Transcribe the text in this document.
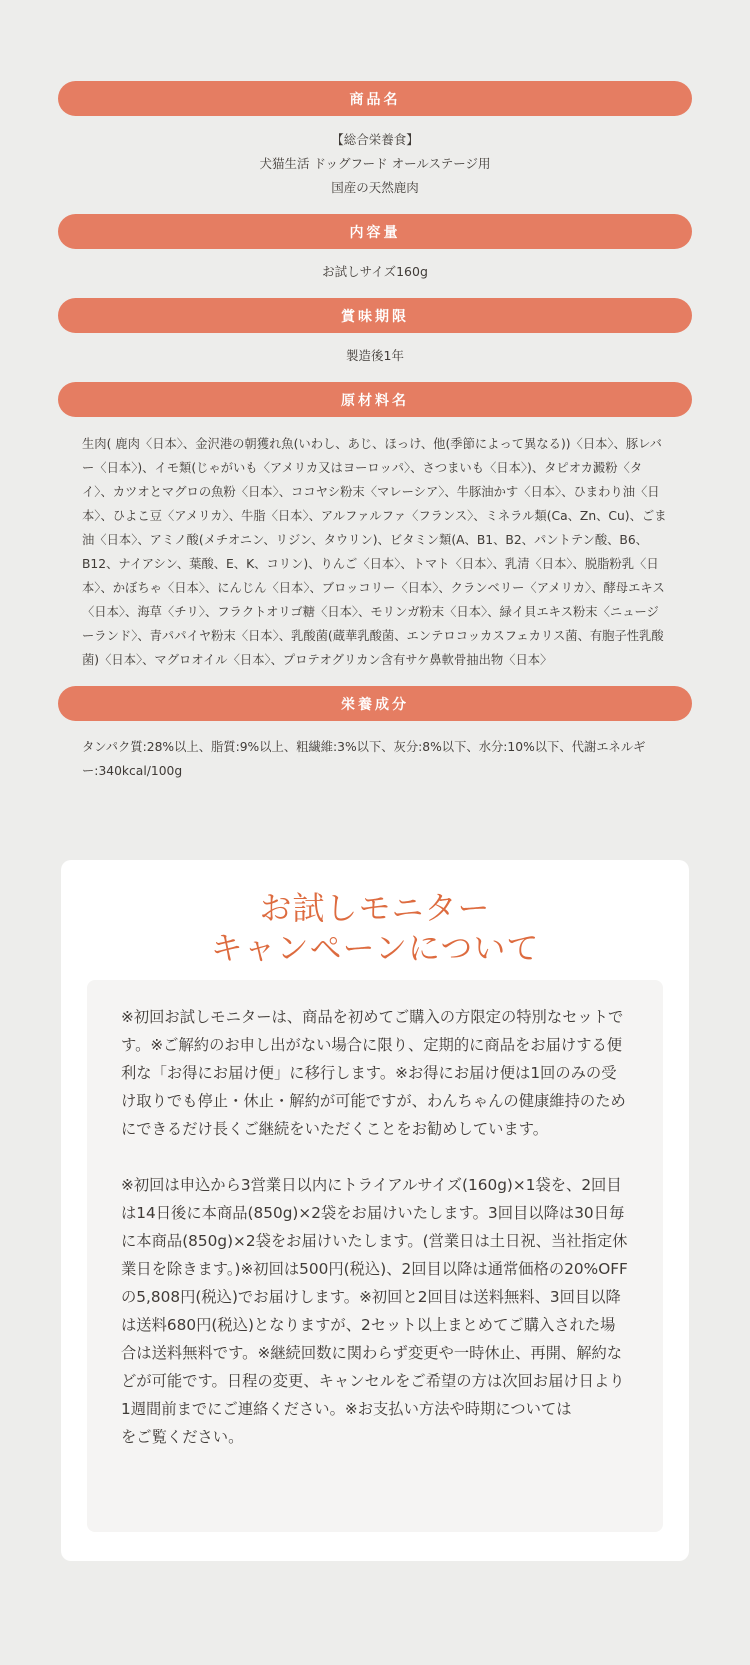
商品名
【総合栄養食】
犬猫生活 ドッグフード オールステージ用
国産の天然鹿肉
内容量
お試しサイズ160g
賞味期限
製造後1年
原材料名
生肉( 鹿肉〈日本〉、金沢港の朝獲れ魚(いわし、あじ、ほっけ、他(季節によって異なる))〈日本〉、豚レバー〈日本〉)、イモ類(じゃがいも〈アメリカ又はヨーロッパ〉、さつまいも〈日本〉)、タピオカ澱粉〈タイ〉、カツオとマグロの魚粉〈日本〉、ココヤシ粉末〈マレーシア〉、牛豚油かす〈日本〉、ひまわり油〈日本〉、ひよこ豆〈アメリカ〉、牛脂〈日本〉、アルファルファ〈フランス〉、ミネラル類(Ca、Zn、Cu)、ごま油〈日本〉、アミノ酸(メチオニン、リジン、タウリン)、ビタミン類(A、B1、B2、パントテン酸、B6、B12、ナイアシン、葉酸、E、K、コリン)、りんご〈日本〉、トマト〈日本〉、乳清〈日本〉、脱脂粉乳〈日本〉、かぼちゃ〈日本〉、にんじん〈日本〉、ブロッコリー〈日本〉、クランベリー〈アメリカ〉、酵母エキス〈日本〉、海草〈チリ〉、フラクトオリゴ糖〈日本〉、モリンガ粉末〈日本〉、緑イ貝エキス粉末〈ニュージーランド〉、青パパイヤ粉末〈日本〉、乳酸菌(蔵華乳酸菌、エンテロコッカスフェカリス菌、有胞子性乳酸菌)〈日本〉、マグロオイル〈日本〉、プロテオグリカン含有サケ鼻軟骨抽出物〈日本〉
栄養成分
タンパク質:28%以上、脂質:9%以上、粗繊維:3%以下、灰分:8%以下、水分:10%以下、代謝エネルギー:340kcal/100g
お試しモニター
キャンペーンについて

※初回お試しモニターは、商品を初めてご購入の方限定の特別なセットです。※ご解約のお申し出がない場合に限り、定期的に商品をお届けする便利な「お得にお届け便」に移行します。※お得にお届け便は1回のみの受け取りでも停止・休止・解約が可能ですが、わんちゃんの健康維持のためにできるだけ長くご継続をいただくことをお勧めしています。

※初回は申込から3営業日以内にトライアルサイズ(160g)×1袋を、2回目は14日後に本商品(850g)×2袋をお届けいたします。3回目以降は30日毎に本商品(850g)×2袋をお届けいたします。(営業日は土日祝、当社指定休業日を除きます。)※初回は500円(税込)、2回目以降は通常価格の20%OFFの5,808円(税込)でお届けします。※初回と2回目は送料無料、3回目以降は送料680円(税込)となりますが、2セット以上まとめてご購入された場合は送料無料です。※継続回数に関わらず変更や一時休止、再開、解約などが可能です。日程の変更、キャンセルをご希望の方は次回お届け日より1週間前までにご連絡ください。※お支払い方法や時期についてはをご覧ください。
